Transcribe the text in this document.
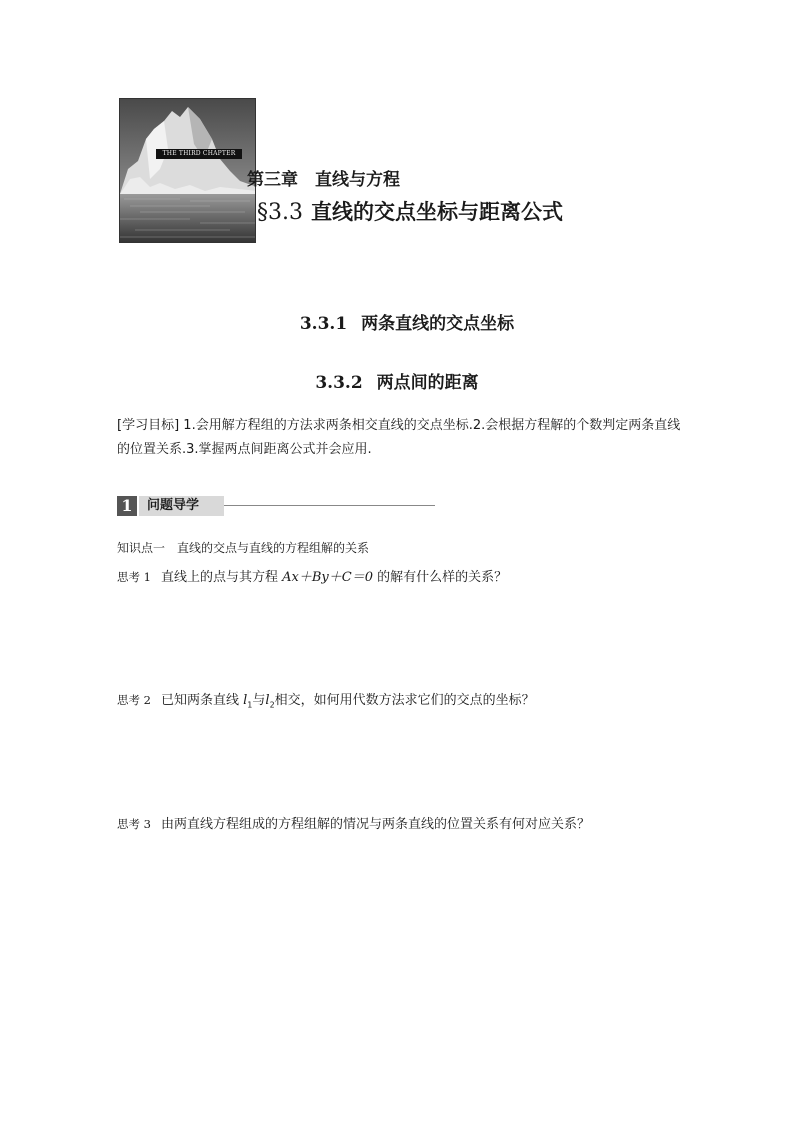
THE THIRD CHAPTER
第三章　直线与方程
§3.3 直线的交点坐标与距离公式
3.3.1 两条直线的交点坐标
3.3.2 两点间的距离
[学习目标] 1.会用解方程组的方法求两条相交直线的交点坐标.2.会根据方程解的个数判定两条直线的位置关系.3.掌握两点间距离公式并会应用.
1	问题导学
知识点一　直线的交点与直线的方程组解的关系
思考 1 直线上的点与其方程 Ax＋By＋C＝0 的解有什么样的关系？
思考 2 已知两条直线 $l_1$与$l_2$相交，如何用代数方法求它们的交点的坐标？
思考 3 由两直线方程组成的方程组解的情况与两条直线的位置关系有何对应关系？
